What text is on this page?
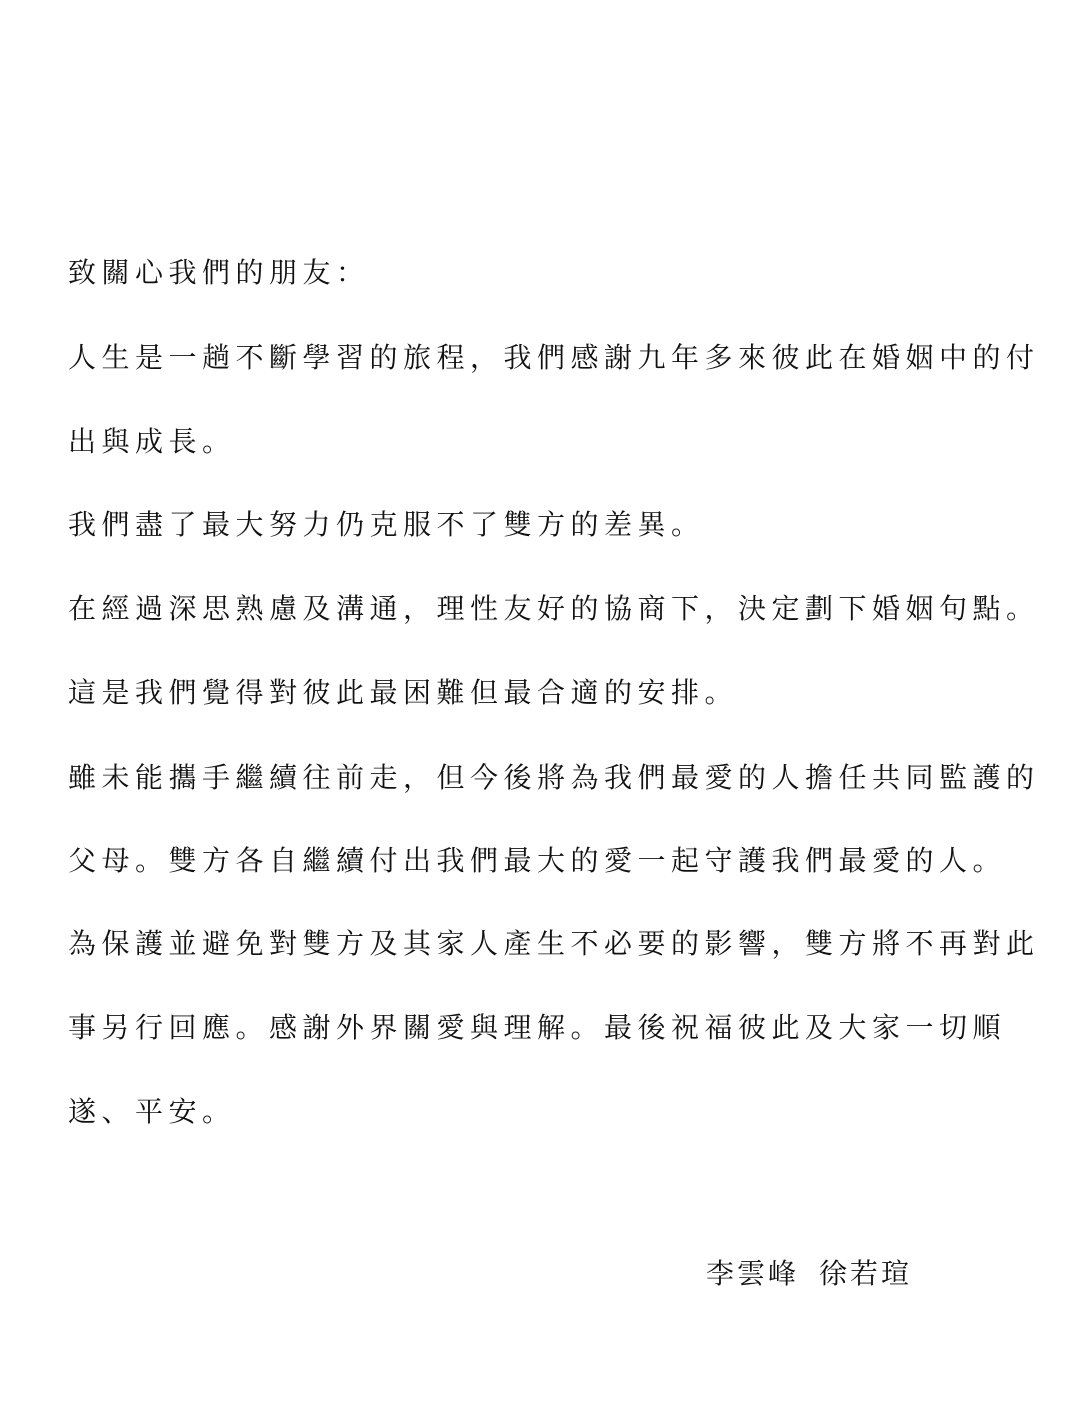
致關心我們的朋友：

人生是一趟不斷學習的旅程，我們感謝九年多來彼此在婚姻中的付

出與成長。

我們盡了最大努力仍克服不了雙方的差異。

在經過深思熟慮及溝通，理性友好的協商下，決定劃下婚姻句點。

這是我們覺得對彼此最困難但最合適的安排。

雖未能攜手繼續往前走，但今後將為我們最愛的人擔任共同監護的

父母。雙方各自繼續付出我們最大的愛一起守護我們最愛的人。

為保護並避免對雙方及其家人產生不必要的影響，雙方將不再對此

事另行回應。感謝外界關愛與理解。最後祝福彼此及大家一切順

遂、平安。

李雲峰 徐若瑄
